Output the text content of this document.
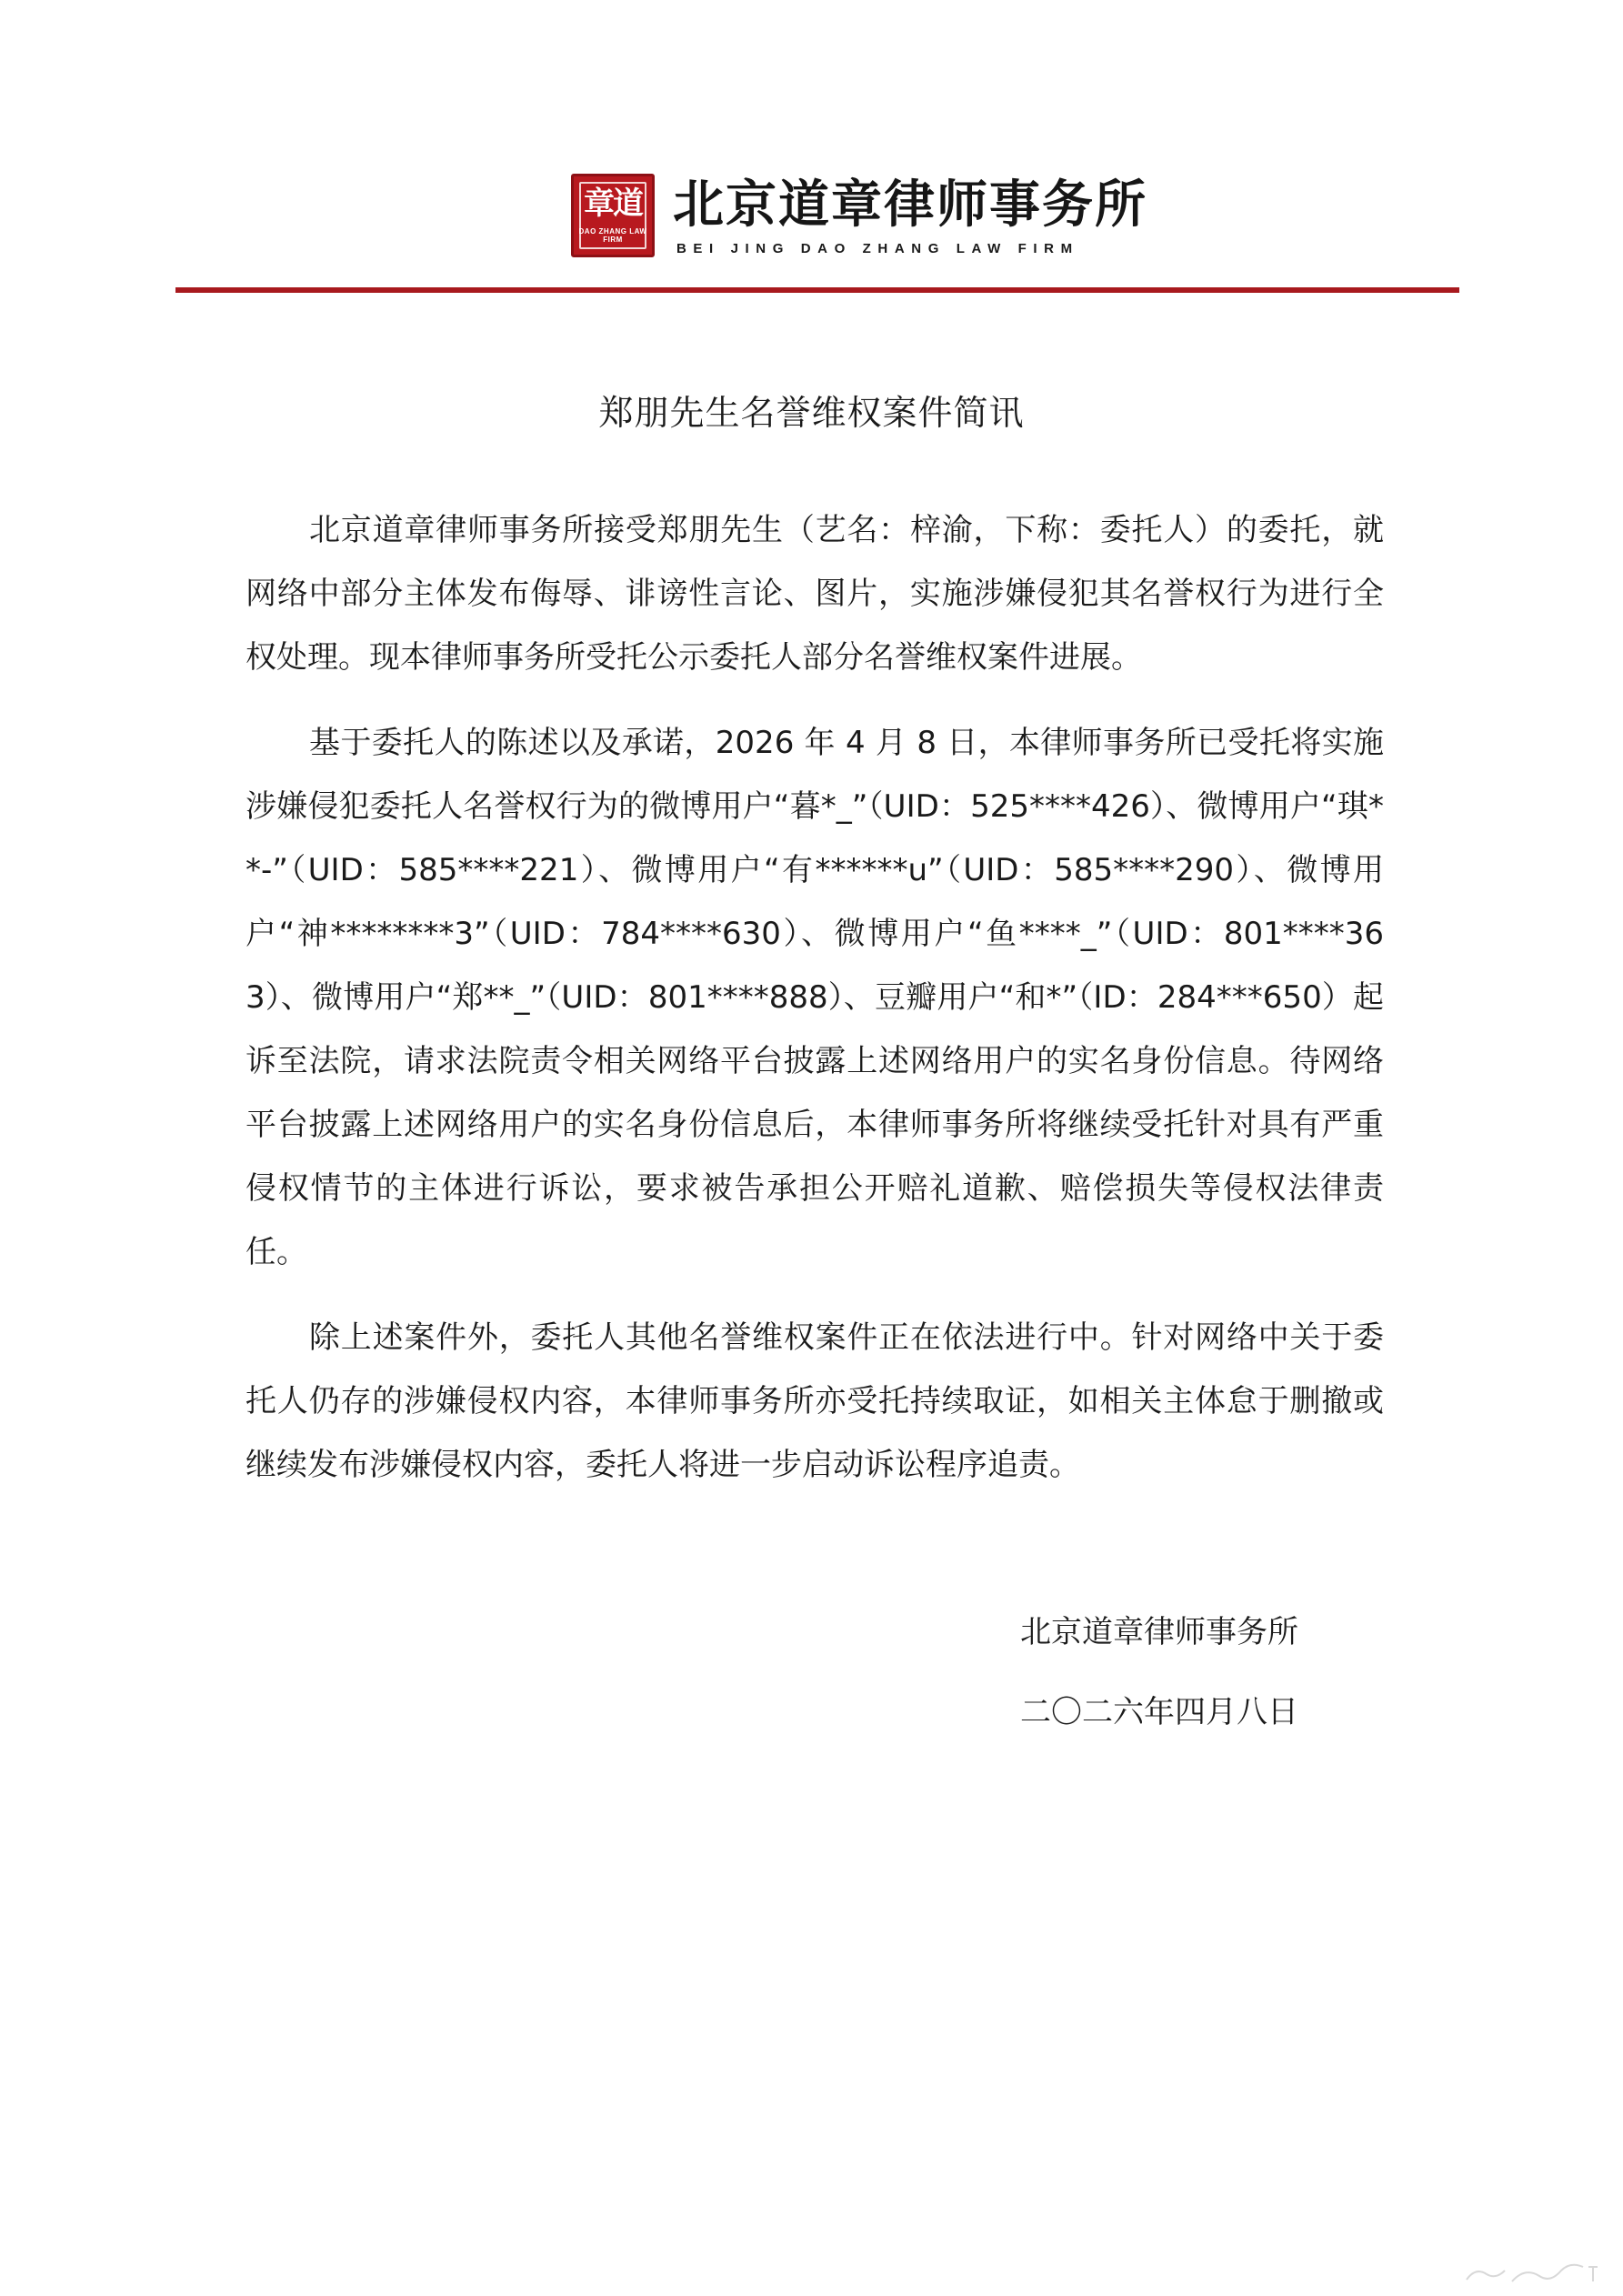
章道
DAO ZHANG LAW FIRM
北京道章律师事务所
BEI JING DAO ZHANG LAW FIRM
郑朋先生名誉维权案件简讯

北京道章律师事务所接受郑朋先生（艺名：梓渝，下称：委托人）的委托，就网络中部分主体发布侮辱、诽谤性言论、图片，实施涉嫌侵犯其名誉权行为进行全权处理。现本律师事务所受托公示委托人部分名誉维权案件进展。

基于委托人的陈述以及承诺，2026 年 4 月 8 日，本律师事务所已受托将实施涉嫌侵犯委托人名誉权行为的微博用户“暮*_”（UID：525****426）、微博用户“琪**-”（UID：585****221）、微博用户“有******u”（UID：585****290）、微博用户“神********3”（UID：784****630）、微博用户“鱼****_”（UID：801****363）、微博用户“郑**_”（UID：801****888）、豆瓣用户“和*”（ID：284***650）起诉至法院，请求法院责令相关网络平台披露上述网络用户的实名身份信息。待网络平台披露上述网络用户的实名身份信息后，本律师事务所将继续受托针对具有严重侵权情节的主体进行诉讼，要求被告承担公开赔礼道歉、赔偿损失等侵权法律责任。

除上述案件外，委托人其他名誉维权案件正在依法进行中。针对网络中关于委托人仍存的涉嫌侵权内容，本律师事务所亦受托持续取证，如相关主体怠于删撤或继续发布涉嫌侵权内容，委托人将进一步启动诉讼程序追责。

北京道章律师事务所
二〇二六年四月八日
